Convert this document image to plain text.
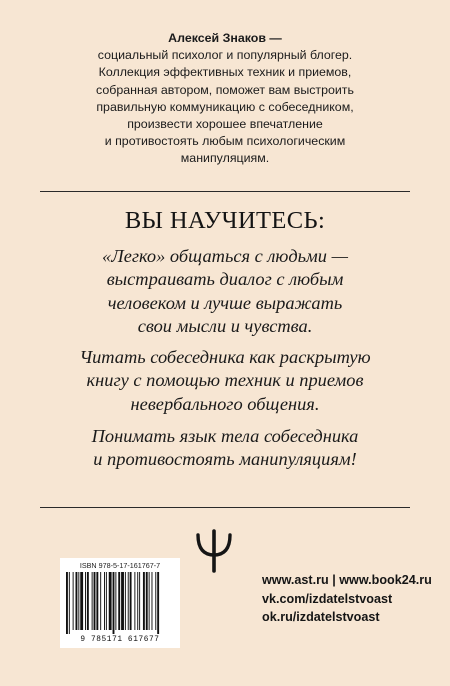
Алексей Знаков —
социальный психолог и популярный блогер.
Коллекция эффективных техник и приемов,
собранная автором, поможет вам выстроить
правильную коммуникацию с собеседником,
произвести хорошее впечатление
и противостоять любым психологическим
манипуляциям.
ВЫ НАУЧИТЕСЬ:
«Легко» общаться с людьми —
выстраивать диалог с любым
человеком и лучше выражать
свои мысли и чувства.
Читать собеседника как раскрытую
книгу с помощью техник и приемов
невербального общения.
Понимать язык тела собеседника
и противостоять манипуляциям!
ISBN 978-5-17-161767-7
9 785171 617677
www.ast.ru | www.book24.ru
vk.com/izdatelstvoast
ok.ru/izdatelstvoast
